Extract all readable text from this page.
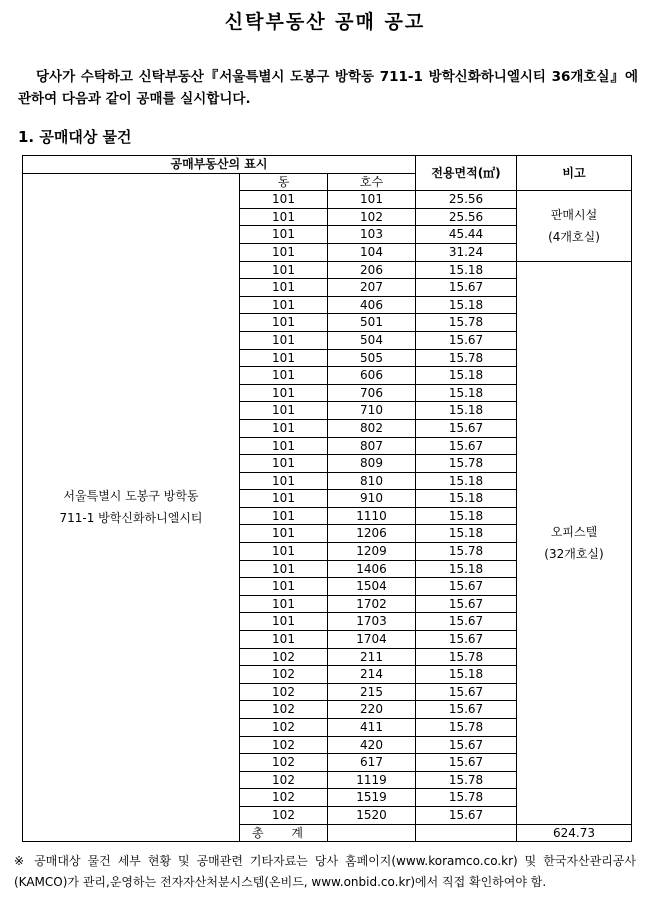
신탁부동산 공매 공고

당사가 수탁하고 신탁부동산『서울특별시 도봉구 방학동 711-1 방학신화하니엘시티 36개호실』에 관하여 다음과 같이 공매를 실시합니다.

1. 공매대상 물건
공매부동산의 표시			전용면적(㎡)	비고	
서울특별시 도봉구 방학동
711-1 방학신화하니엘시티	동	호수			
	101	101	25.56	판매시설
(4개호실)	
	101	102	25.56		
	101	103	45.44		
	101	104	31.24		
	101	206	15.18	오피스텔
(32개호실)	
	101	207	15.67		
	101	406	15.18		
	101	501	15.78		
	101	504	15.67		
	101	505	15.78		
	101	606	15.18		
	101	706	15.18		
	101	710	15.18		
	101	802	15.67		
	101	807	15.67		
	101	809	15.78		
	101	810	15.18		
	101	910	15.18		
	101	1110	15.18		
	101	1206	15.18		
	101	1209	15.78		
	101	1406	15.18		
	101	1504	15.67		
	101	1702	15.67		
	101	1703	15.67		
	101	1704	15.67		
	102	211	15.78		
	102	214	15.18		
	102	215	15.67		
	102	220	15.67		
	102	411	15.78		
	102	420	15.67		
	102	617	15.67		
	102	1119	15.78		
	102	1519	15.78		
	102	1520	15.67		
	총 계			624.73	

※ 공매대상 물건 세부 현황 및 공매관련 기타자료는 당사 홈페이지(www.koramco.co.kr) 및 한국자산관리공사(KAMCO)가 관리,운영하는 전자자산처분시스템(온비드, www.onbid.co.kr)에서 직접 확인하여야 함.
